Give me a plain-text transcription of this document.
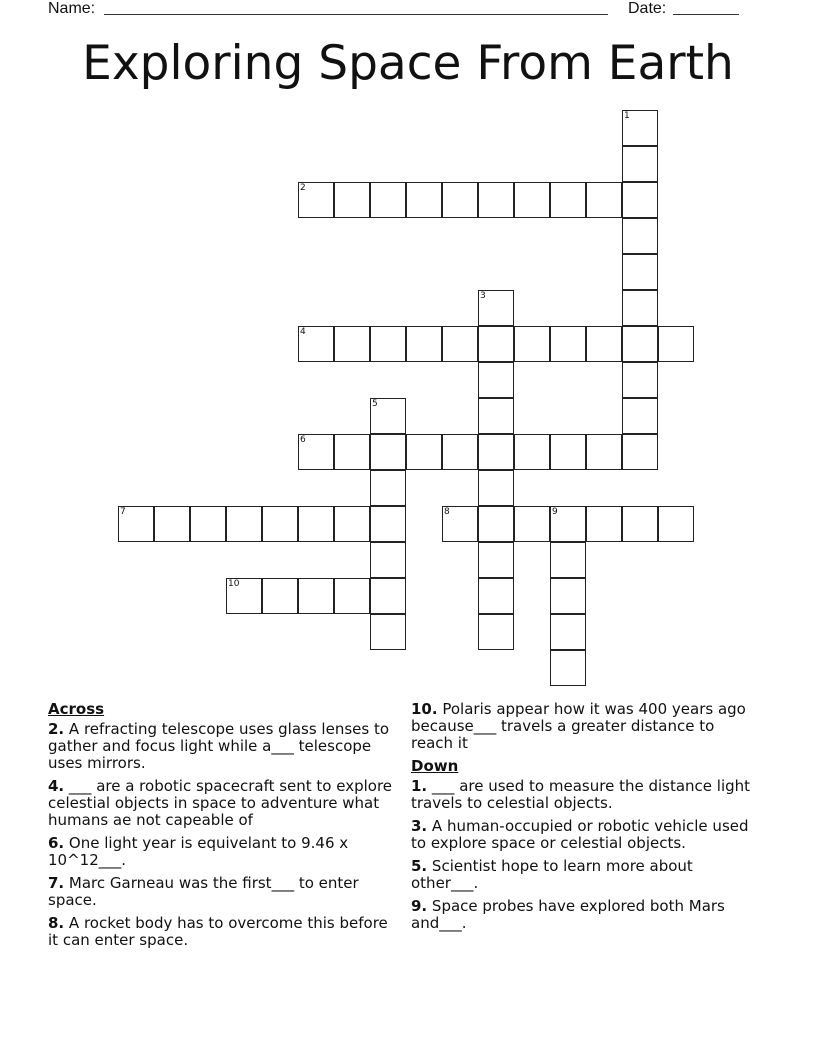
Name:	Date:
Exploring Space From Earth
1
2
3
4
5
6
7	8	9
10
Across
2. A refracting telescope uses glass lenses to gather and focus light while a___ telescope uses mirrors.
4. ___ are a robotic spacecraft sent to explore celestial objects in space to adventure what humans ae not capeable of
6. One light year is equivelant to 9.46 x 10^12___.
7. Marc Garneau was the first___ to enter space.
8. A rocket body has to overcome this before it can enter space.
10. Polaris appear how it was 400 years ago because___ travels a greater distance to reach it
Down
1. ___ are used to measure the distance light travels to celestial objects.
3. A human-occupied or robotic vehicle used to explore space or celestial objects.
5. Scientist hope to learn more about other___.
9. Space probes have explored both Mars and___.
